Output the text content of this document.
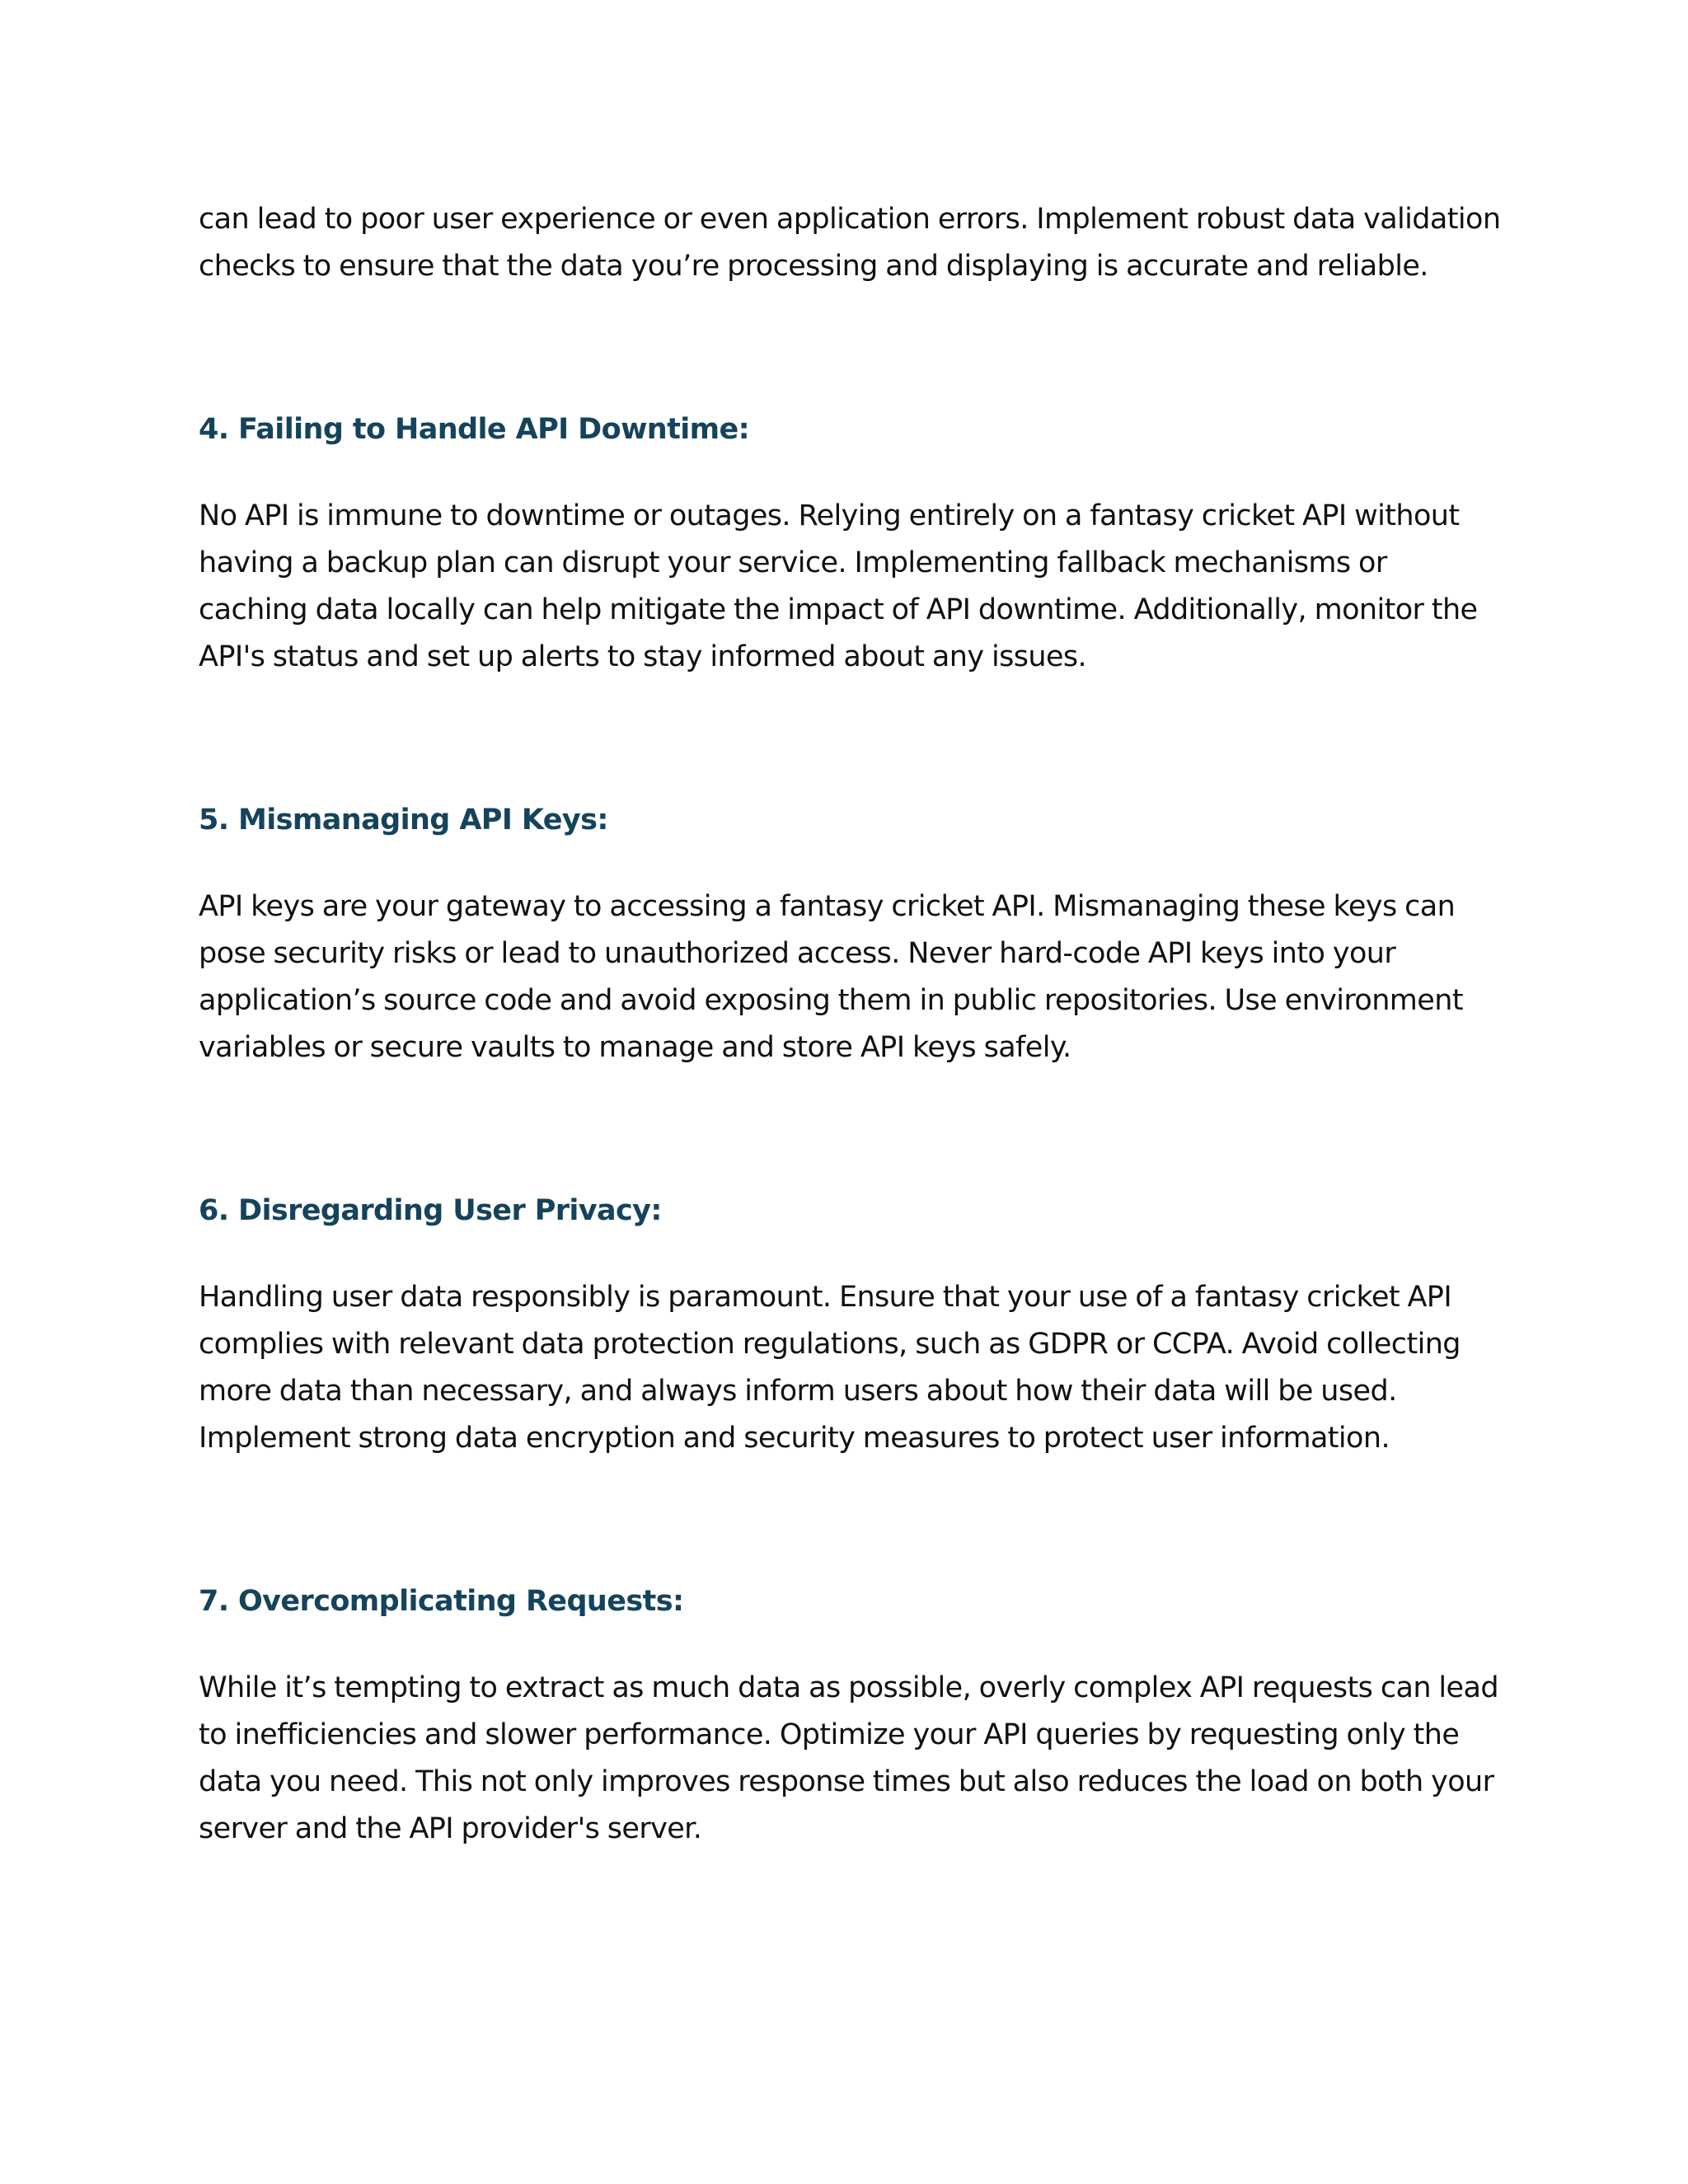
can lead to poor user experience or even application errors. Implement robust data validation checks to ensure that the data you’re processing and displaying is accurate and reliable.

4. Failing to Handle API Downtime:

No API is immune to downtime or outages. Relying entirely on a fantasy cricket API without having a backup plan can disrupt your service. Implementing fallback mechanisms or caching data locally can help mitigate the impact of API downtime. Additionally, monitor the API's status and set up alerts to stay informed about any issues.

5. Mismanaging API Keys:

API keys are your gateway to accessing a fantasy cricket API. Mismanaging these keys can pose security risks or lead to unauthorized access. Never hard-code API keys into your application’s source code and avoid exposing them in public repositories. Use environment variables or secure vaults to manage and store API keys safely.

6. Disregarding User Privacy:

Handling user data responsibly is paramount. Ensure that your use of a fantasy cricket API complies with relevant data protection regulations, such as GDPR or CCPA. Avoid collecting more data than necessary, and always inform users about how their data will be used. Implement strong data encryption and security measures to protect user information.

7. Overcomplicating Requests:

While it’s tempting to extract as much data as possible, overly complex API requests can lead to inefficiencies and slower performance. Optimize your API queries by requesting only the data you need. This not only improves response times but also reduces the load on both your server and the API provider's server.
